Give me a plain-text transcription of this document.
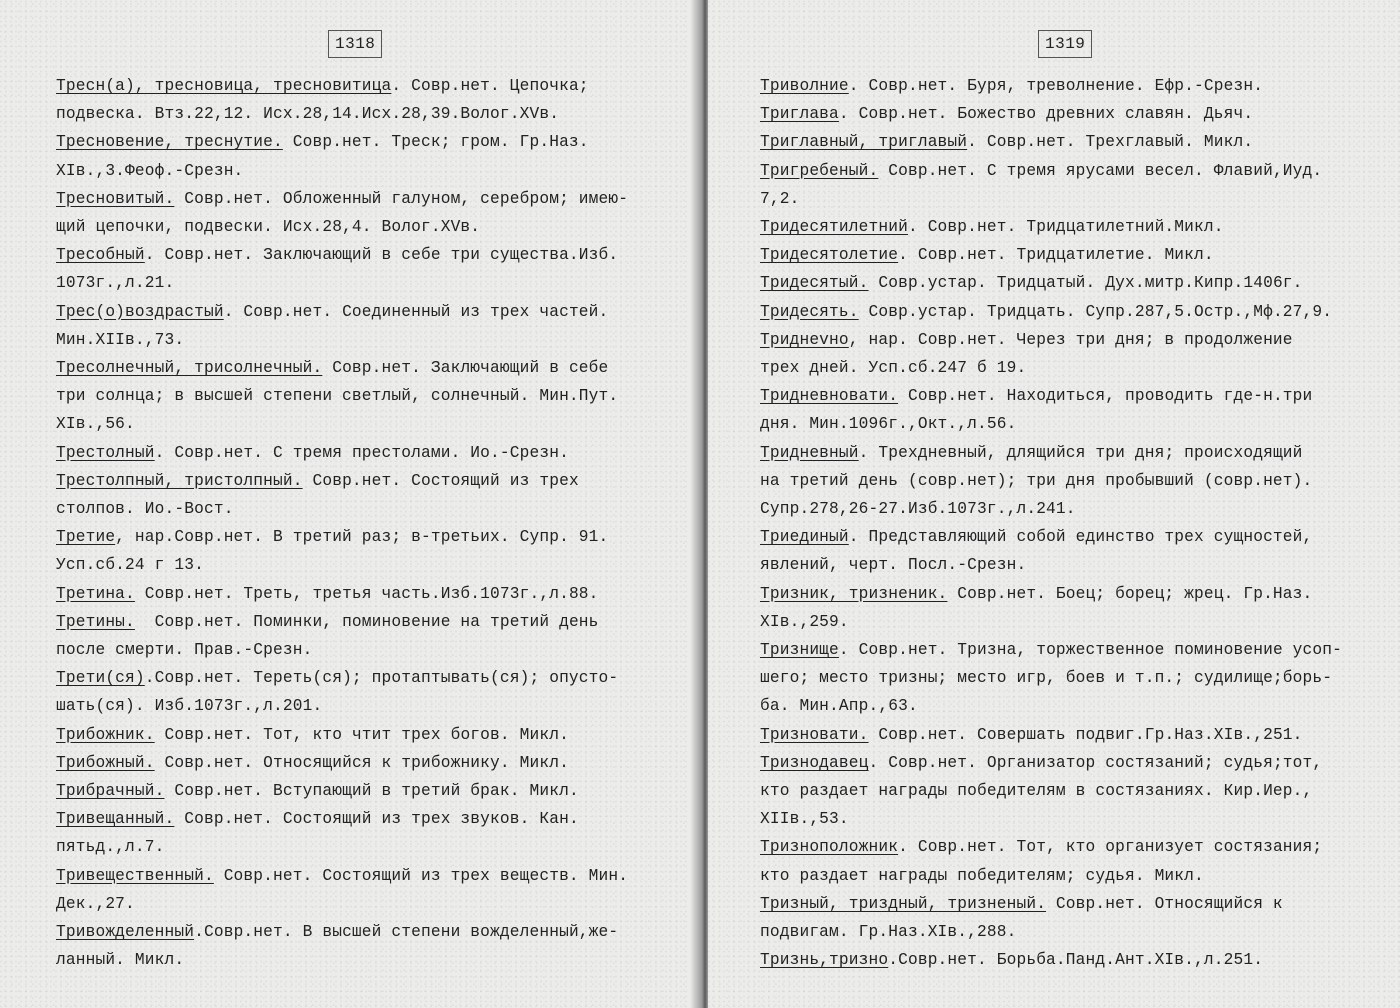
1318
Тресн(а), тресновица, тресновитица. Совр.нет. Цепочка;
подвеска. Втз.22,12. Исх.28,14.Исх.28,39.Волог.XVв.
Тресновение, треснутие. Совр.нет. Треск; гром. Гр.Наз.
XIв.,3.Феоф.-Срезн.
Тресновитый. Совр.нет. Обложенный галуном, серебром; имею-
щий цепочки, подвески. Исх.28,4. Волог.XVв.
Тресобный. Совр.нет. Заключающий в себе три существа.Изб.
1073г.,л.21.
Трес(о)воздрастый. Совр.нет. Соединенный из трех частей.
Мин.XIIв.,73.
Тресолнечный, трисолнечный. Совр.нет. Заключающий в себе
три солнца; в высшей степени светлый, солнечный. Мин.Пут.
XIв.,56.
Трестолный. Совр.нет. С тремя престолами. Ио.-Срезн.
Трестолпный, тристолпный. Совр.нет. Состоящий из трех
столпов. Ио.-Вост.
Третие, нар.Совр.нет. В третий раз; в-третьих. Супр. 91.
Усп.сб.24 г 13.
Третина. Совр.нет. Треть, третья часть.Изб.1073г.,л.88.
Третины.  Совр.нет. Поминки, поминовение на третий день
после смерти. Прав.-Срезн.
Трети(ся).Совр.нет. Тереть(ся); протаптывать(ся); опусто-
шать(ся). Изб.1073г.,л.201.
Трибожник. Совр.нет. Тот, кто чтит трех богов. Микл.
Трибожный. Совр.нет. Относящийся к трибожнику. Микл.
Трибрачный. Совр.нет. Вступающий в третий брак. Микл.
Тривещанный. Совр.нет. Состоящий из трех звуков. Кан.
пятьд.,л.7.
Тривещественный. Совр.нет. Состоящий из трех веществ. Мин.
Дек.,27.
Тривожделенный.Совр.нет. В высшей степени вожделенный,же-
ланный. Микл.
1319
Триволние. Совр.нет. Буря, треволнение. Ефр.-Срезн.
Триглава. Совр.нет. Божество древних славян. Дьяч.
Триглавный, триглавый. Совр.нет. Трехглавый. Микл.
Тригребеный. Совр.нет. С тремя ярусами весел. Флавий,Иуд.
7,2.
Тридесятилетний. Совр.нет. Тридцатилетний.Микл.
Тридесятолетие. Совр.нет. Тридцатилетие. Микл.
Тридесятый. Совр.устар. Тридцатый. Дух.митр.Кипр.1406г.
Тридесять. Совр.устар. Тридцать. Супр.287,5.Остр.,Мф.27,9.
Триднevно, нар. Совр.нет. Через три дня; в продолжение
трех дней. Усп.сб.247 б 19.
Тридневновати. Совр.нет. Находиться, проводить где-н.три
дня. Мин.1096г.,Окт.,л.56.
Тридневный. Трехдневный, длящийся три дня; происходящий
на третий день (совр.нет); три дня пробывший (совр.нет).
Супр.278,26-27.Изб.1073г.,л.241.
Триединый. Представляющий собой единство трех сущностей,
явлений, черт. Посл.-Срезн.
Тризник, тризненик. Совр.нет. Боец; борец; жрец. Гр.Наз.
XIв.,259.
Тризнище. Совр.нет. Тризна, торжественное поминовение усоп-
шего; место тризны; место игр, боев и т.п.; судилище;борь-
ба. Мин.Апр.,63.
Тризновати. Совр.нет. Совершать подвиг.Гр.Наз.XIв.,251.
Тризнодавец. Совр.нет. Организатор состязаний; судья;тот,
кто раздает награды победителям в состязаниях. Кир.Иер.,
XIIв.,53.
Тризноположник. Совр.нет. Тот, кто организует состязания;
кто раздает награды победителям; судья. Микл.
Тризный, триздный, тризненый. Совр.нет. Относящийся к
подвигам. Гр.Наз.XIв.,288.
Тризнь,тризно.Совр.нет. Борьба.Панд.Ант.XIв.,л.251.
